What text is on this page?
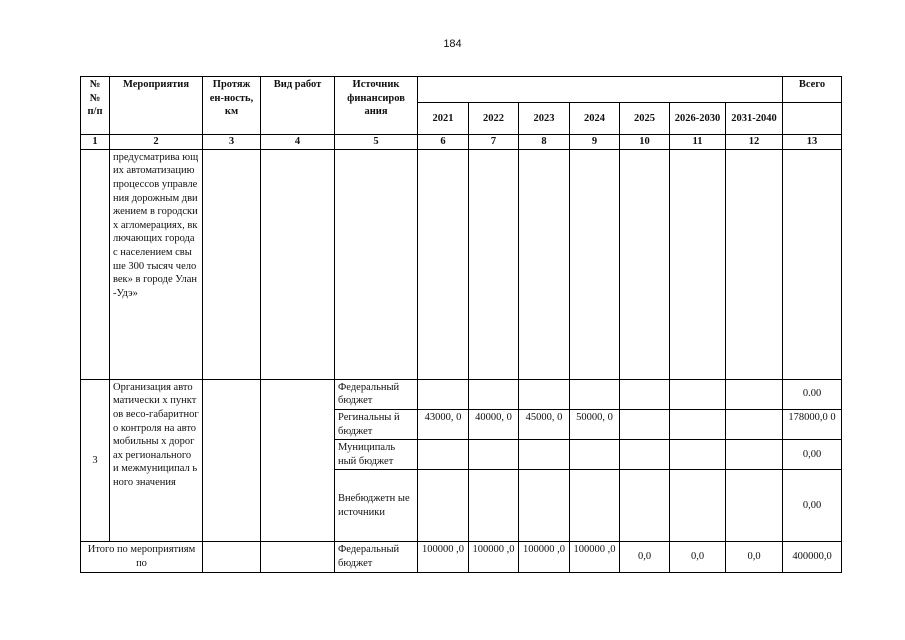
184
№ № п/п	Мероприятия	Протяж ен-ность, км	Вид работ	Источник финансиров ания								Всего
					2021	2022	2023	2024	2025	2026-2030	2031-2040	
1	2	3	4	5	6	7	8	9	10	11	12	13
	предусматрива ющих автоматизацию процессов управления дорожным движением в городских агломерациях, включающих города с населением свыше 300 тысяч человек» в городе Улан-Удэ»											
3	Организация автоматически х пунктов весо-габаритного контроля на автомобильны х дорогах регионального и межмуниципал ьного значения			Федеральный бюджет								0.00
				Регинальны й бюджет	43000, 0	40000, 0	45000, 0	50000, 0				178000,0 0
				Муниципаль ный бюджет								0,00
				Внебюджетн ые источники								0,00
Итого по мероприятиям по				Федеральный бюджет	100000 ,0	100000 ,0	100000 ,0	100000 ,0	0,0	0,0	0,0	400000,0
